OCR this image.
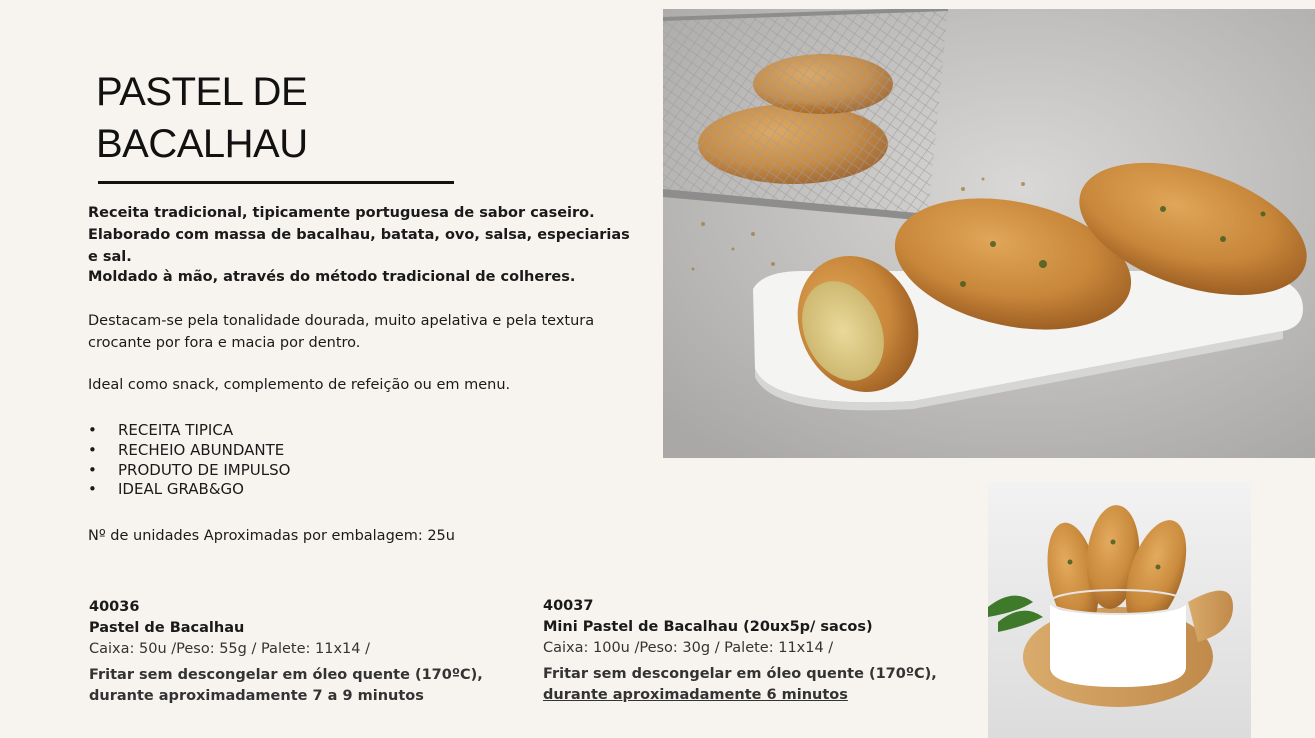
PASTEL DE
BACALHAU

Receita tradicional, tipicamente portuguesa de sabor caseiro. Elaborado com massa de bacalhau, batata, ovo, salsa, especiarias e sal.

Moldado à mão, através do método tradicional de colheres.

Destacam-se pela tonalidade dourada, muito apelativa e pela textura crocante por fora e macia por dentro.

Ideal como snack, complemento de refeição ou em menu.

• RECEITA TIPICA
• RECHEIO ABUNDANTE
• PRODUTO DE IMPULSO
• IDEAL GRAB&GO

Nº de unidades Aproximadas por embalagem: 25u

40036
Pastel de Bacalhau
Caixa: 50u /Peso: 55g / Palete: 11x14 /
Fritar sem descongelar em óleo quente (170ºC),
durante aproximadamente 7 a 9 minutos
40037
Mini Pastel de Bacalhau (20ux5p/ sacos)
Caixa: 100u /Peso: 30g / Palete: 11x14 /
Fritar sem descongelar em óleo quente (170ºC),
durante aproximadamente 6 minutos
